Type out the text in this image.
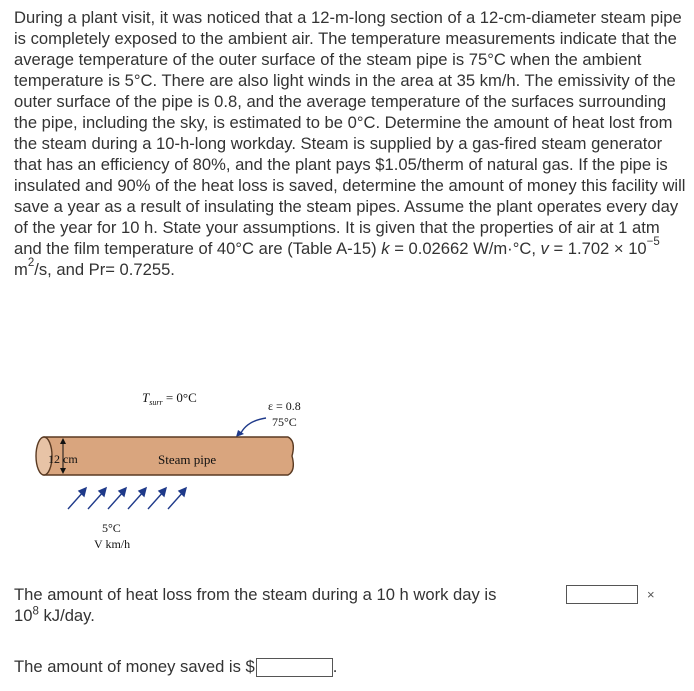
During a plant visit, it was noticed that a 12-m-long section of a 12-cm-diameter steam pipe is completely exposed to the ambient air. The temperature measurements indicate that the average temperature of the outer surface of the steam pipe is 75°C when the ambient temperature is 5°C. There are also light winds in the area at 35 km/h. The emissivity of the outer surface of the pipe is 0.8, and the average temperature of the surfaces surrounding the pipe, including the sky, is estimated to be 0°C. Determine the amount of heat lost from the steam during a 10-h-long workday. Steam is supplied by a gas-fired steam generator that has an efficiency of 80%, and the plant pays $1.05/therm of natural gas. If the pipe is insulated and 90% of the heat loss is saved, determine the amount of money this facility will save a year as a result of insulating the steam pipes. Assume the plant operates every day of the year for 10 h. State your assumptions. It is given that the properties of air at 1 atm and the film temperature of 40°C are (Table A-15) k = 0.02662 W/m·°C, $v = 1.702 \times 10^{-5}$ $m^2/s$, and Pr= 0.7255.

$T_{surr} = 0^\circ C$
ε = 0.8
75°C
12 cm	Steam pipe
5°C
V km/h
The amount of heat loss from the steam during a 10 h work day is
$10^8$ kJ/day.
×
The amount of money saved is $	.
